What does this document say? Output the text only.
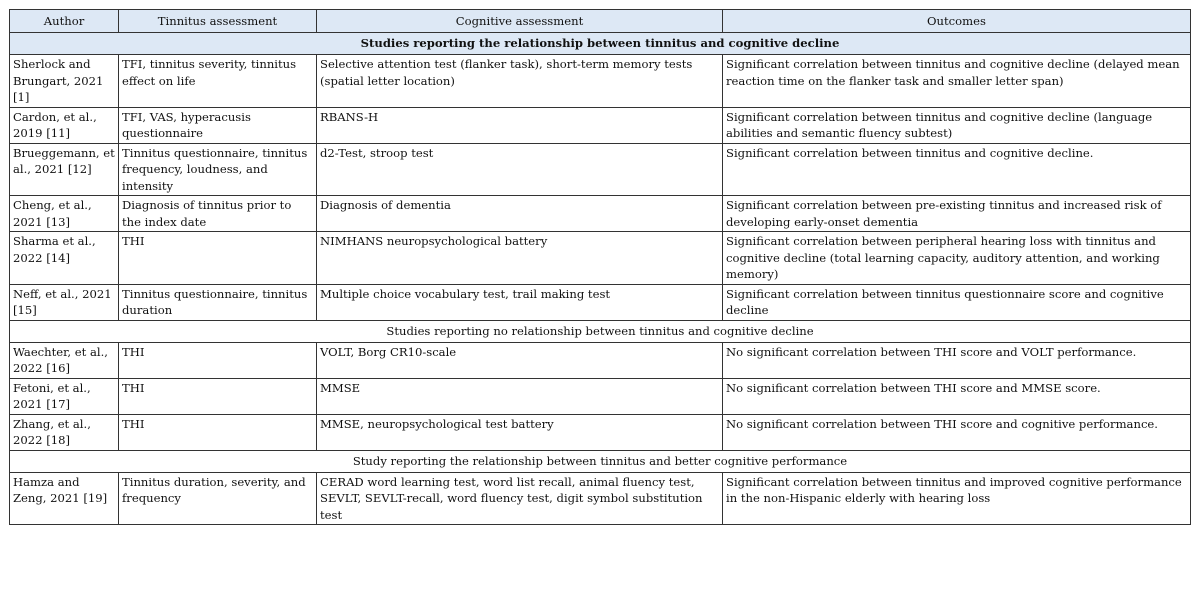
Author	Tinnitus assessment	Cognitive assessment	Outcomes
Studies reporting the relationship between tinnitus and cognitive decline			
Sherlock and Brungart, 2021 [1]	TFI, tinnitus severity, tinnitus effect on life	Selective attention test (flanker task), short-term memory tests (spatial letter location)	Significant correlation between tinnitus and cognitive decline (delayed mean reaction time on the flanker task and smaller letter span)
Cardon, et al., 2019 [11]	TFI, VAS, hyperacusis questionnaire	RBANS-H	Significant correlation between tinnitus and cognitive decline (language abilities and semantic fluency subtest)
Brueggemann, et al., 2021 [12]	Tinnitus questionnaire, tinnitus frequency, loudness, and intensity	d2-Test, stroop test	Significant correlation between tinnitus and cognitive decline.
Cheng, et al., 2021 [13]	Diagnosis of tinnitus prior to the index date	Diagnosis of dementia	Significant correlation between pre-existing tinnitus and increased risk of developing early-onset dementia
Sharma et al., 2022 [14]	THI	NIMHANS neuropsychological battery	Significant correlation between peripheral hearing loss with tinnitus and cognitive decline (total learning capacity, auditory attention, and working memory)
Neff, et al., 2021 [15]	Tinnitus questionnaire, tinnitus duration	Multiple choice vocabulary test, trail making test	Significant correlation between tinnitus questionnaire score and cognitive decline
Studies reporting no relationship between tinnitus and cognitive decline			
Waechter, et al., 2022 [16]	THI	VOLT, Borg CR10-scale	No significant correlation between THI score and VOLT performance.
Fetoni, et al., 2021 [17]	THI	MMSE	No significant correlation between THI score and MMSE score.
Zhang, et al., 2022 [18]	THI	MMSE, neuropsychological test battery	No significant correlation between THI score and cognitive performance.
Study reporting the relationship between tinnitus and better cognitive performance			
Hamza and Zeng, 2021 [19]	Tinnitus duration, severity, and frequency	CERAD word learning test, word list recall, animal fluency test, SEVLT, SEVLT-recall, word fluency test, digit symbol substitution test	Significant correlation between tinnitus and improved cognitive performance in the non-Hispanic elderly with hearing loss
